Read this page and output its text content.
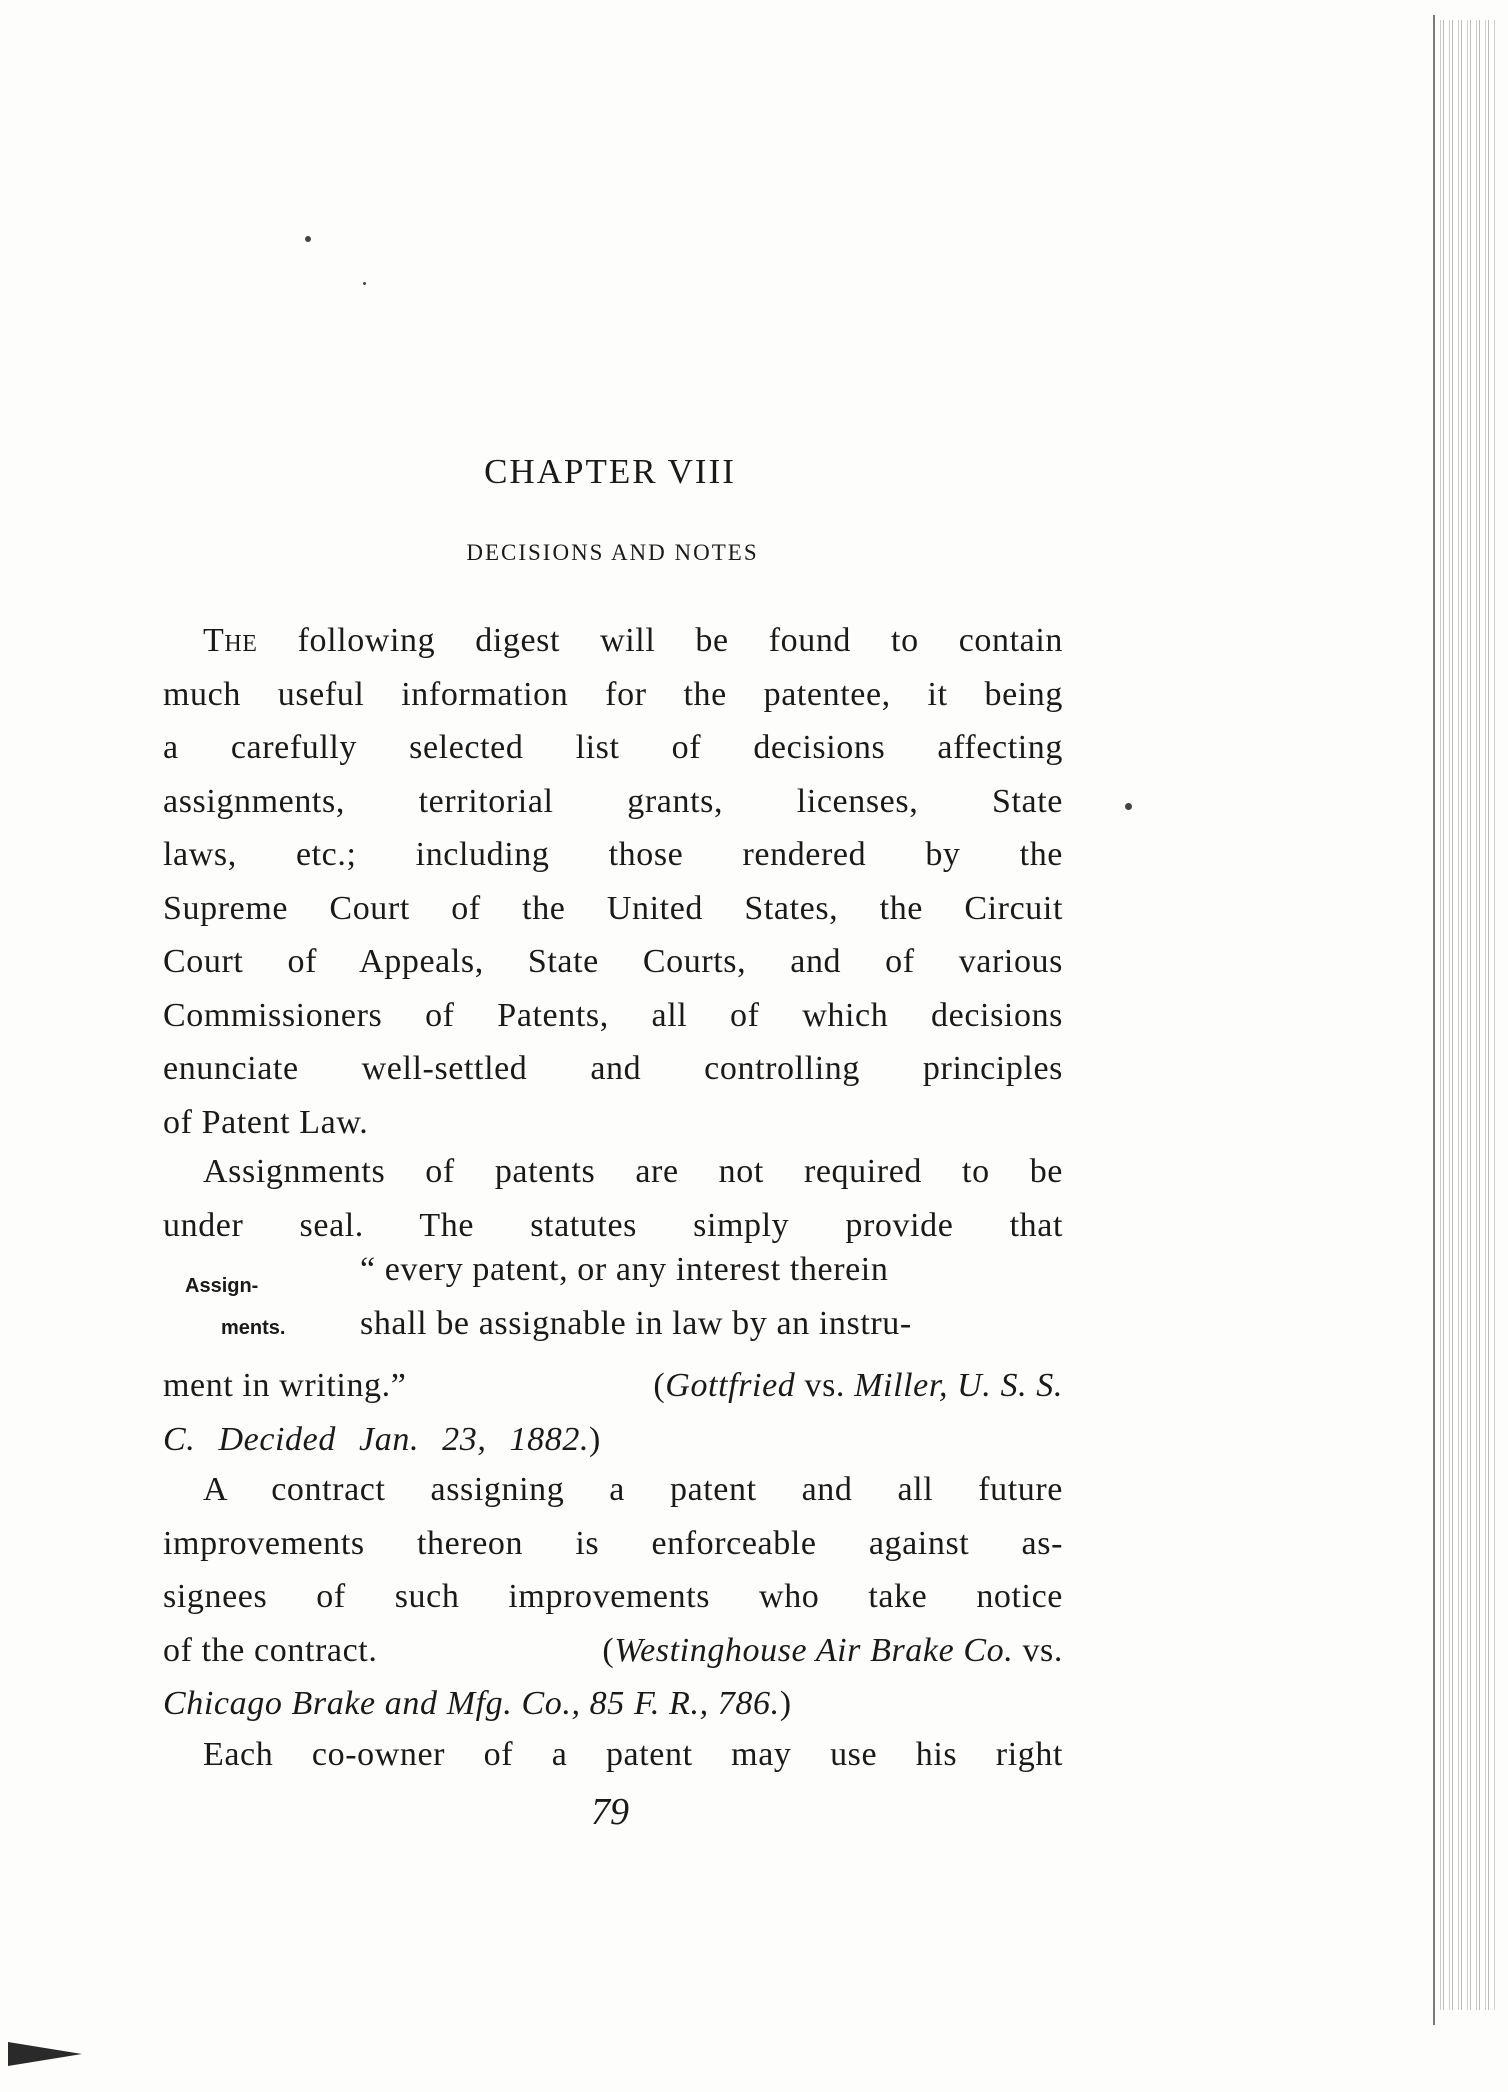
CHAPTER VIII
DECISIONS AND NOTES
The following digest will be found to contain
much useful information for the patentee, it being
a carefully selected list of decisions affecting
assignments, territorial grants, licenses, State
laws, etc.; including those rendered by the
Supreme Court of the United States, the Circuit
Court of Appeals, State Courts, and of various
Commissioners of Patents, all of which decisions
enunciate well-settled and controlling principles
of Patent Law.
Assignments of patents are not required to be
under seal. The statutes simply provide that
Assign-
ments.
“ every patent, or any interest therein
shall be assignable in law by an instru-
ment in writing.”	(Gottfried vs. Miller, U. S. S.
C. Decided Jan. 23, 1882.)
A contract assigning a patent and all future
improvements thereon is enforceable against as-
signees of such improvements who take notice
of the contract.	(Westinghouse Air Brake Co. vs.
Chicago Brake and Mfg. Co., 85 F. R., 786.)
Each co-owner of a patent may use his right
79
